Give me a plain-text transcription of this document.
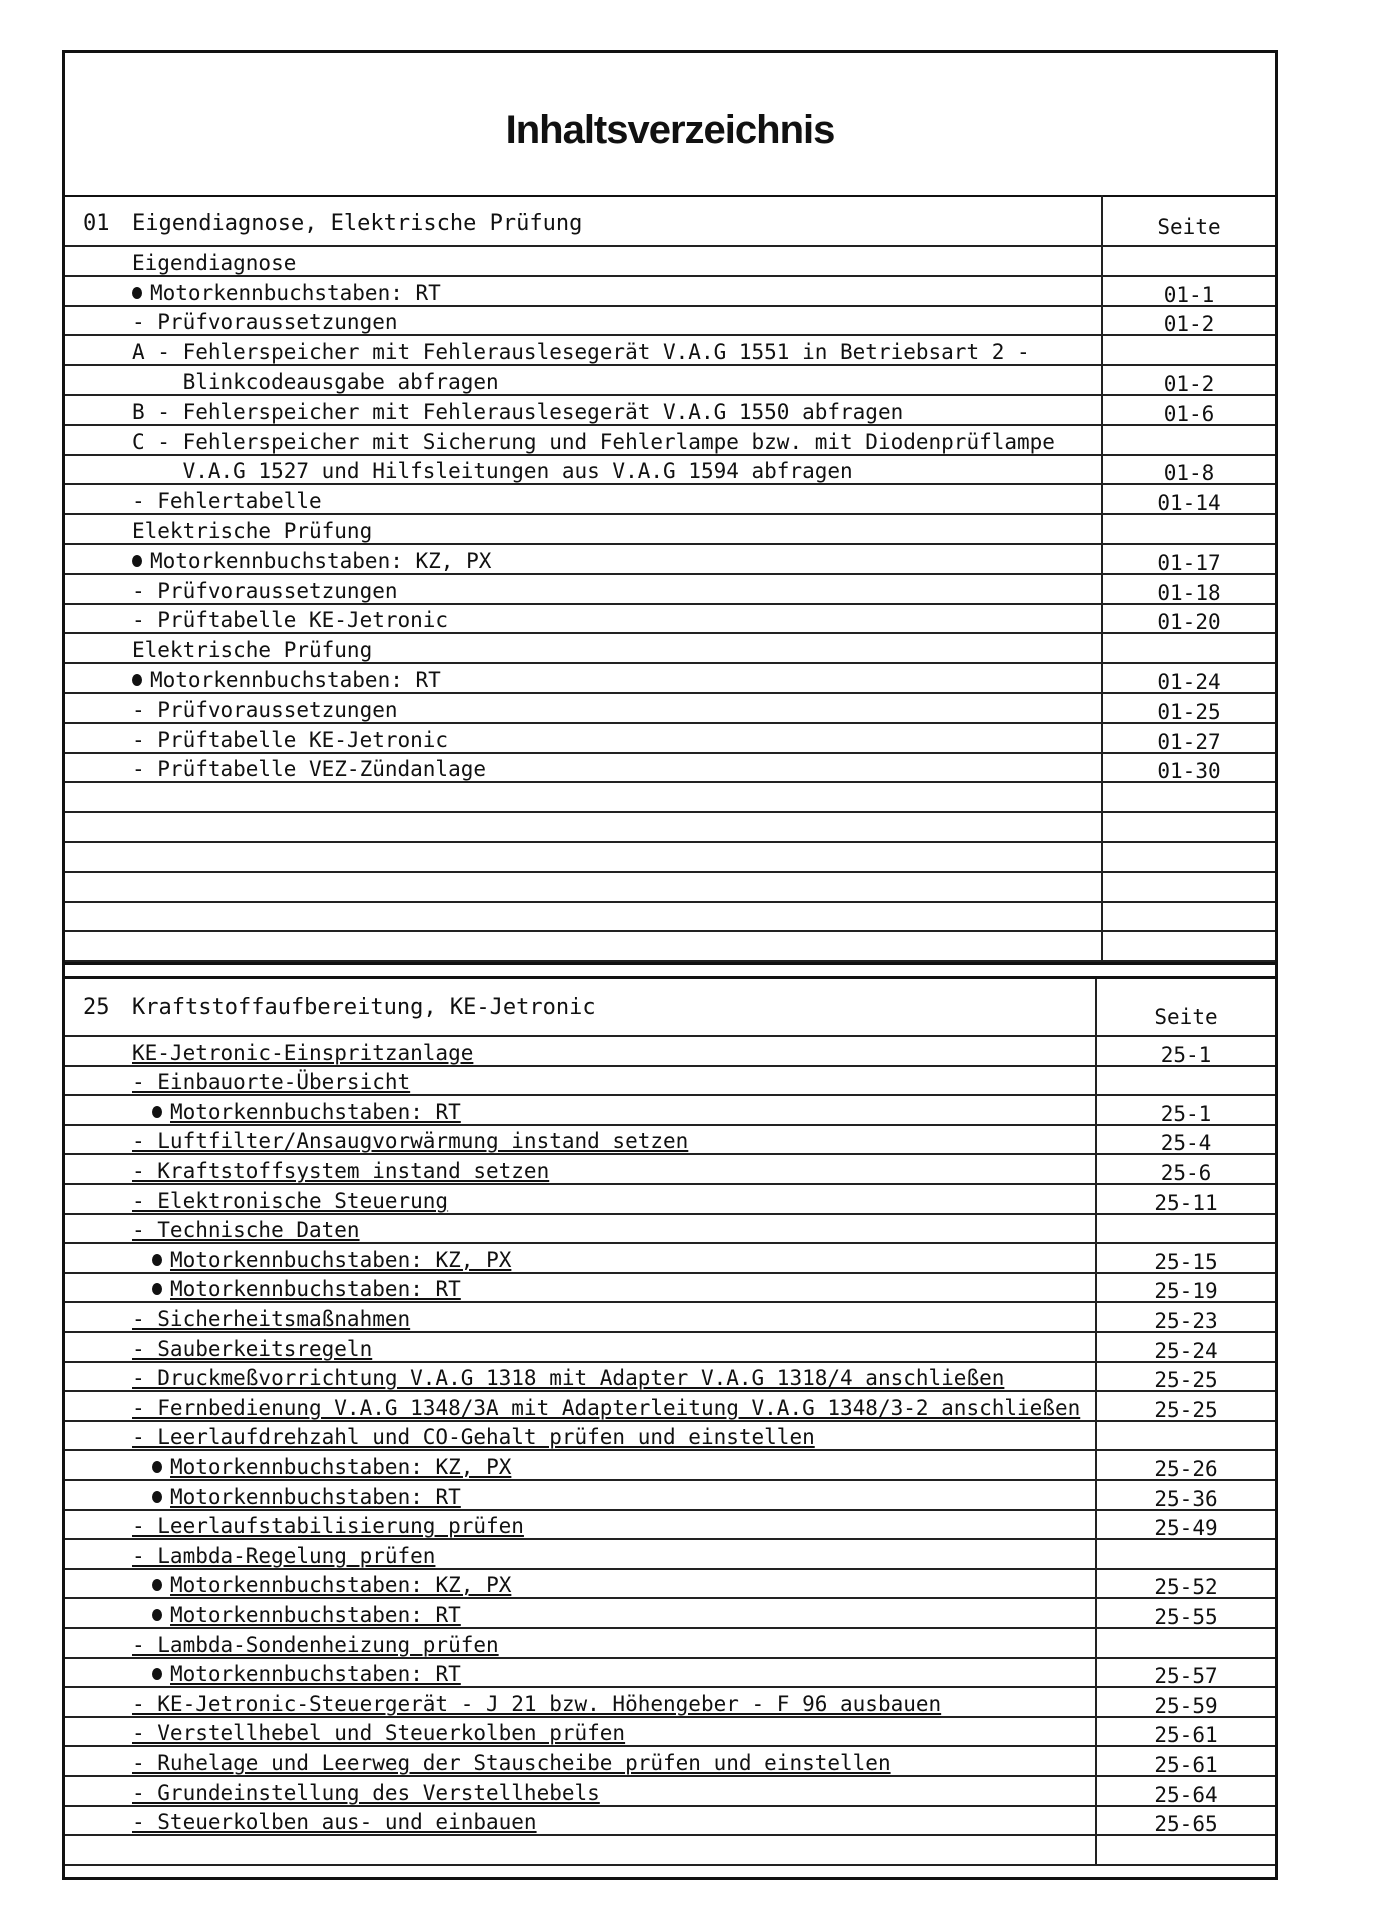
Inhaltsverzeichnis
01 Eigendiagnose, Elektrische Prüfung	Seite
Eigendiagnose
Motorkennbuchstaben: RT	01-1
- Prüfvoraussetzungen	01-2
A - Fehlerspeicher mit Fehlerauslesegerät V.A.G 1551 in Betriebsart 2 -
Blinkcodeausgabe abfragen	01-2
B - Fehlerspeicher mit Fehlerauslesegerät V.A.G 1550 abfragen	01-6
C - Fehlerspeicher mit Sicherung und Fehlerlampe bzw. mit Diodenprüflampe
V.A.G 1527 und Hilfsleitungen aus V.A.G 1594 abfragen	01-8
- Fehlertabelle	01-14
Elektrische Prüfung
Motorkennbuchstaben: KZ, PX	01-17
- Prüfvoraussetzungen	01-18
- Prüftabelle KE-Jetronic	01-20
Elektrische Prüfung
Motorkennbuchstaben: RT	01-24
- Prüfvoraussetzungen	01-25
- Prüftabelle KE-Jetronic	01-27
- Prüftabelle VEZ-Zündanlage	01-30
25 Kraftstoffaufbereitung, KE-Jetronic	Seite
KE-Jetronic-Einspritzanlage	25-1
- Einbauorte-Übersicht
Motorkennbuchstaben: RT	25-1
- Luftfilter/Ansaugvorwärmung instand setzen	25-4
- Kraftstoffsystem instand setzen	25-6
- Elektronische Steuerung	25-11
- Technische Daten
Motorkennbuchstaben: KZ, PX	25-15
Motorkennbuchstaben: RT	25-19
- Sicherheitsmaßnahmen	25-23
- Sauberkeitsregeln	25-24
- Druckmeßvorrichtung V.A.G 1318 mit Adapter V.A.G 1318/4 anschließen	25-25
- Fernbedienung V.A.G 1348/3A mit Adapterleitung V.A.G 1348/3-2 anschließen	25-25
- Leerlaufdrehzahl und CO-Gehalt prüfen und einstellen
Motorkennbuchstaben: KZ, PX	25-26
Motorkennbuchstaben: RT	25-36
- Leerlaufstabilisierung prüfen	25-49
- Lambda-Regelung prüfen
Motorkennbuchstaben: KZ, PX	25-52
Motorkennbuchstaben: RT	25-55
- Lambda-Sondenheizung prüfen
Motorkennbuchstaben: RT	25-57
- KE-Jetronic-Steuergerät - J 21 bzw. Höhengeber - F 96 ausbauen	25-59
- Verstellhebel und Steuerkolben prüfen	25-61
- Ruhelage und Leerweg der Stauscheibe prüfen und einstellen	25-61
- Grundeinstellung des Verstellhebels	25-64
- Steuerkolben aus- und einbauen	25-65
